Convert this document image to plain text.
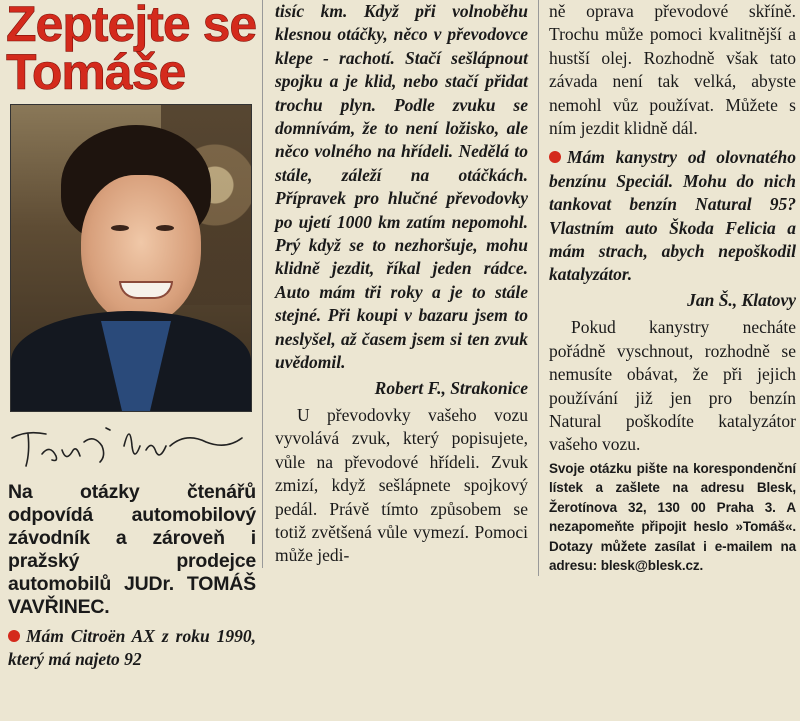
Zeptejte se
Tomáše

Na otázky čtenářů odpovídá automobilový závodník a zároveň i pražský prodejce automobilů JUDr. TOMÁŠ VAVŘINEC.

Mám Citroën AX z roku 1990, který má najeto 92

tisíc km. Když při volnoběhu klesnou otáčky, něco v převodovce klepe - rachotí. Stačí sešlápnout spojku a je klid, nebo stačí přidat trochu plyn. Podle zvuku se domnívám, že to není ložisko, ale něco volného na hřídeli. Nedělá to stále, záleží na otáčkách. Přípravek pro hlučné převodovky po ujetí 1000 km zatím nepomohl. Prý když se to nezhoršuje, mohu klidně jezdit, říkal jeden rádce. Auto mám tři roky a je to stále stejné. Při koupi v bazaru jsem to neslyšel, až časem jsem si ten zvuk uvědomil.

Robert F., Strakonice

U převodovky vašeho vozu vyvolává zvuk, který popisujete, vůle na převodové hřídeli. Zvuk zmizí, když sešlápnete spojkový pedál. Právě tímto způsobem se totiž zvětšená vůle vymezí. Pomoci může jedi-

ně oprava převodové skříně. Trochu může pomoci kvalitnější a hustší olej. Rozhodně však tato závada není tak velká, abyste nemohl vůz používat. Můžete s ním jezdit klidně dál.

Mám kanystry od olovnatého benzínu Speciál. Mohu do nich tankovat benzín Natural 95? Vlastním auto Škoda Felicia a mám strach, abych nepoškodil katalyzátor.

Jan Š., Klatovy

Pokud kanystry necháte pořádně vyschnout, rozhodně se nemusíte obávat, že při jejich používání již jen pro benzín Natural poškodíte katalyzátor vašeho vozu.

Svoje otázku pište na korespondenční lístek a zašlete na adresu Blesk, Žerotínova 32, 130 00 Praha 3. A nezapomeňte připojit heslo »Tomáš«. Dotazy můžete zasílat i e-mailem na adresu: blesk@blesk.cz.
